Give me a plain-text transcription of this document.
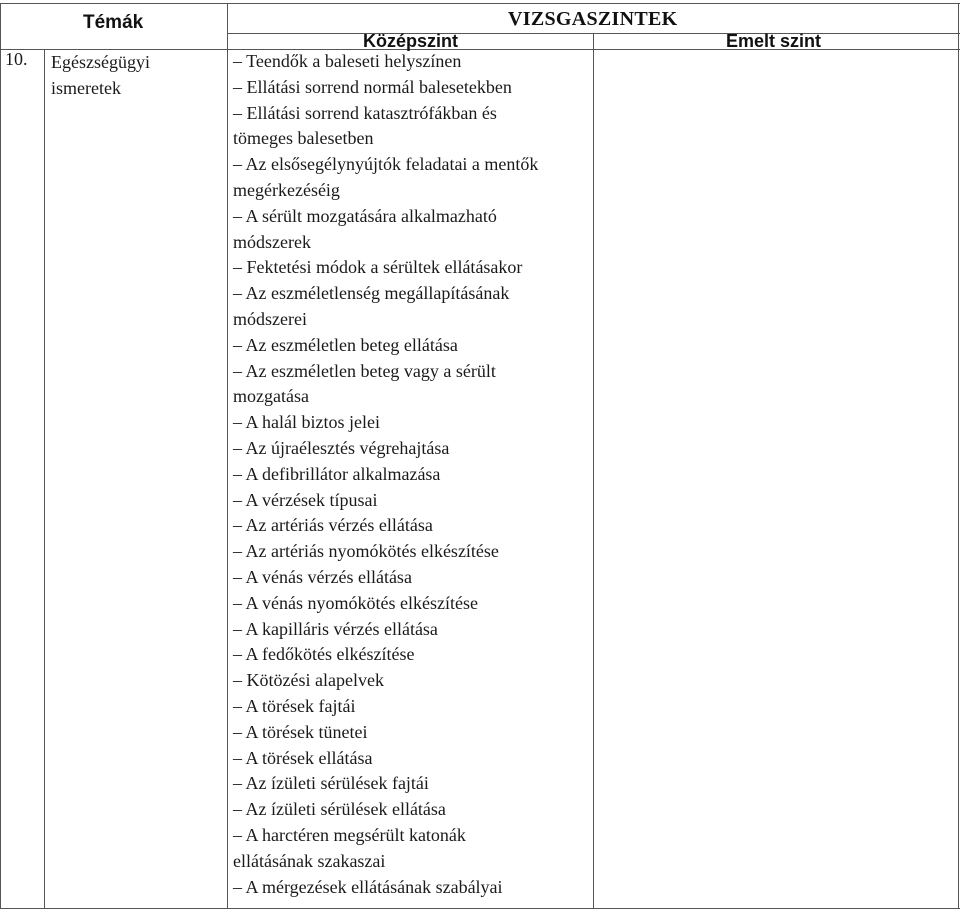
Témák	VIZSGASZINTEK
Középszint	Emelt szint
10. Egészségügyi ismeretek
– Teendők a baleseti helyszínen
– Ellátási sorrend normál balesetekben
– Ellátási sorrend katasztrófákban és
tömeges balesetben
– Az elsősegélynyújtók feladatai a mentők
megérkezéséig
– A sérült mozgatására alkalmazható
módszerek
– Fektetési módok a sérültek ellátásakor
– Az eszméletlenség megállapításának
módszerei
– Az eszméletlen beteg ellátása
– Az eszméletlen beteg vagy a sérült
mozgatása
– A halál biztos jelei
– Az újraélesztés végrehajtása
– A defibrillátor alkalmazása
– A vérzések típusai
– Az artériás vérzés ellátása
– Az artériás nyomókötés elkészítése
– A vénás vérzés ellátása
– A vénás nyomókötés elkészítése
– A kapilláris vérzés ellátása
– A fedőkötés elkészítése
– Kötözési alapelvek
– A törések fajtái
– A törések tünetei
– A törések ellátása
– Az ízületi sérülések fajtái
– Az ízületi sérülések ellátása
– A harctéren megsérült katonák
ellátásának szakaszai
– A mérgezések ellátásának szabályai
